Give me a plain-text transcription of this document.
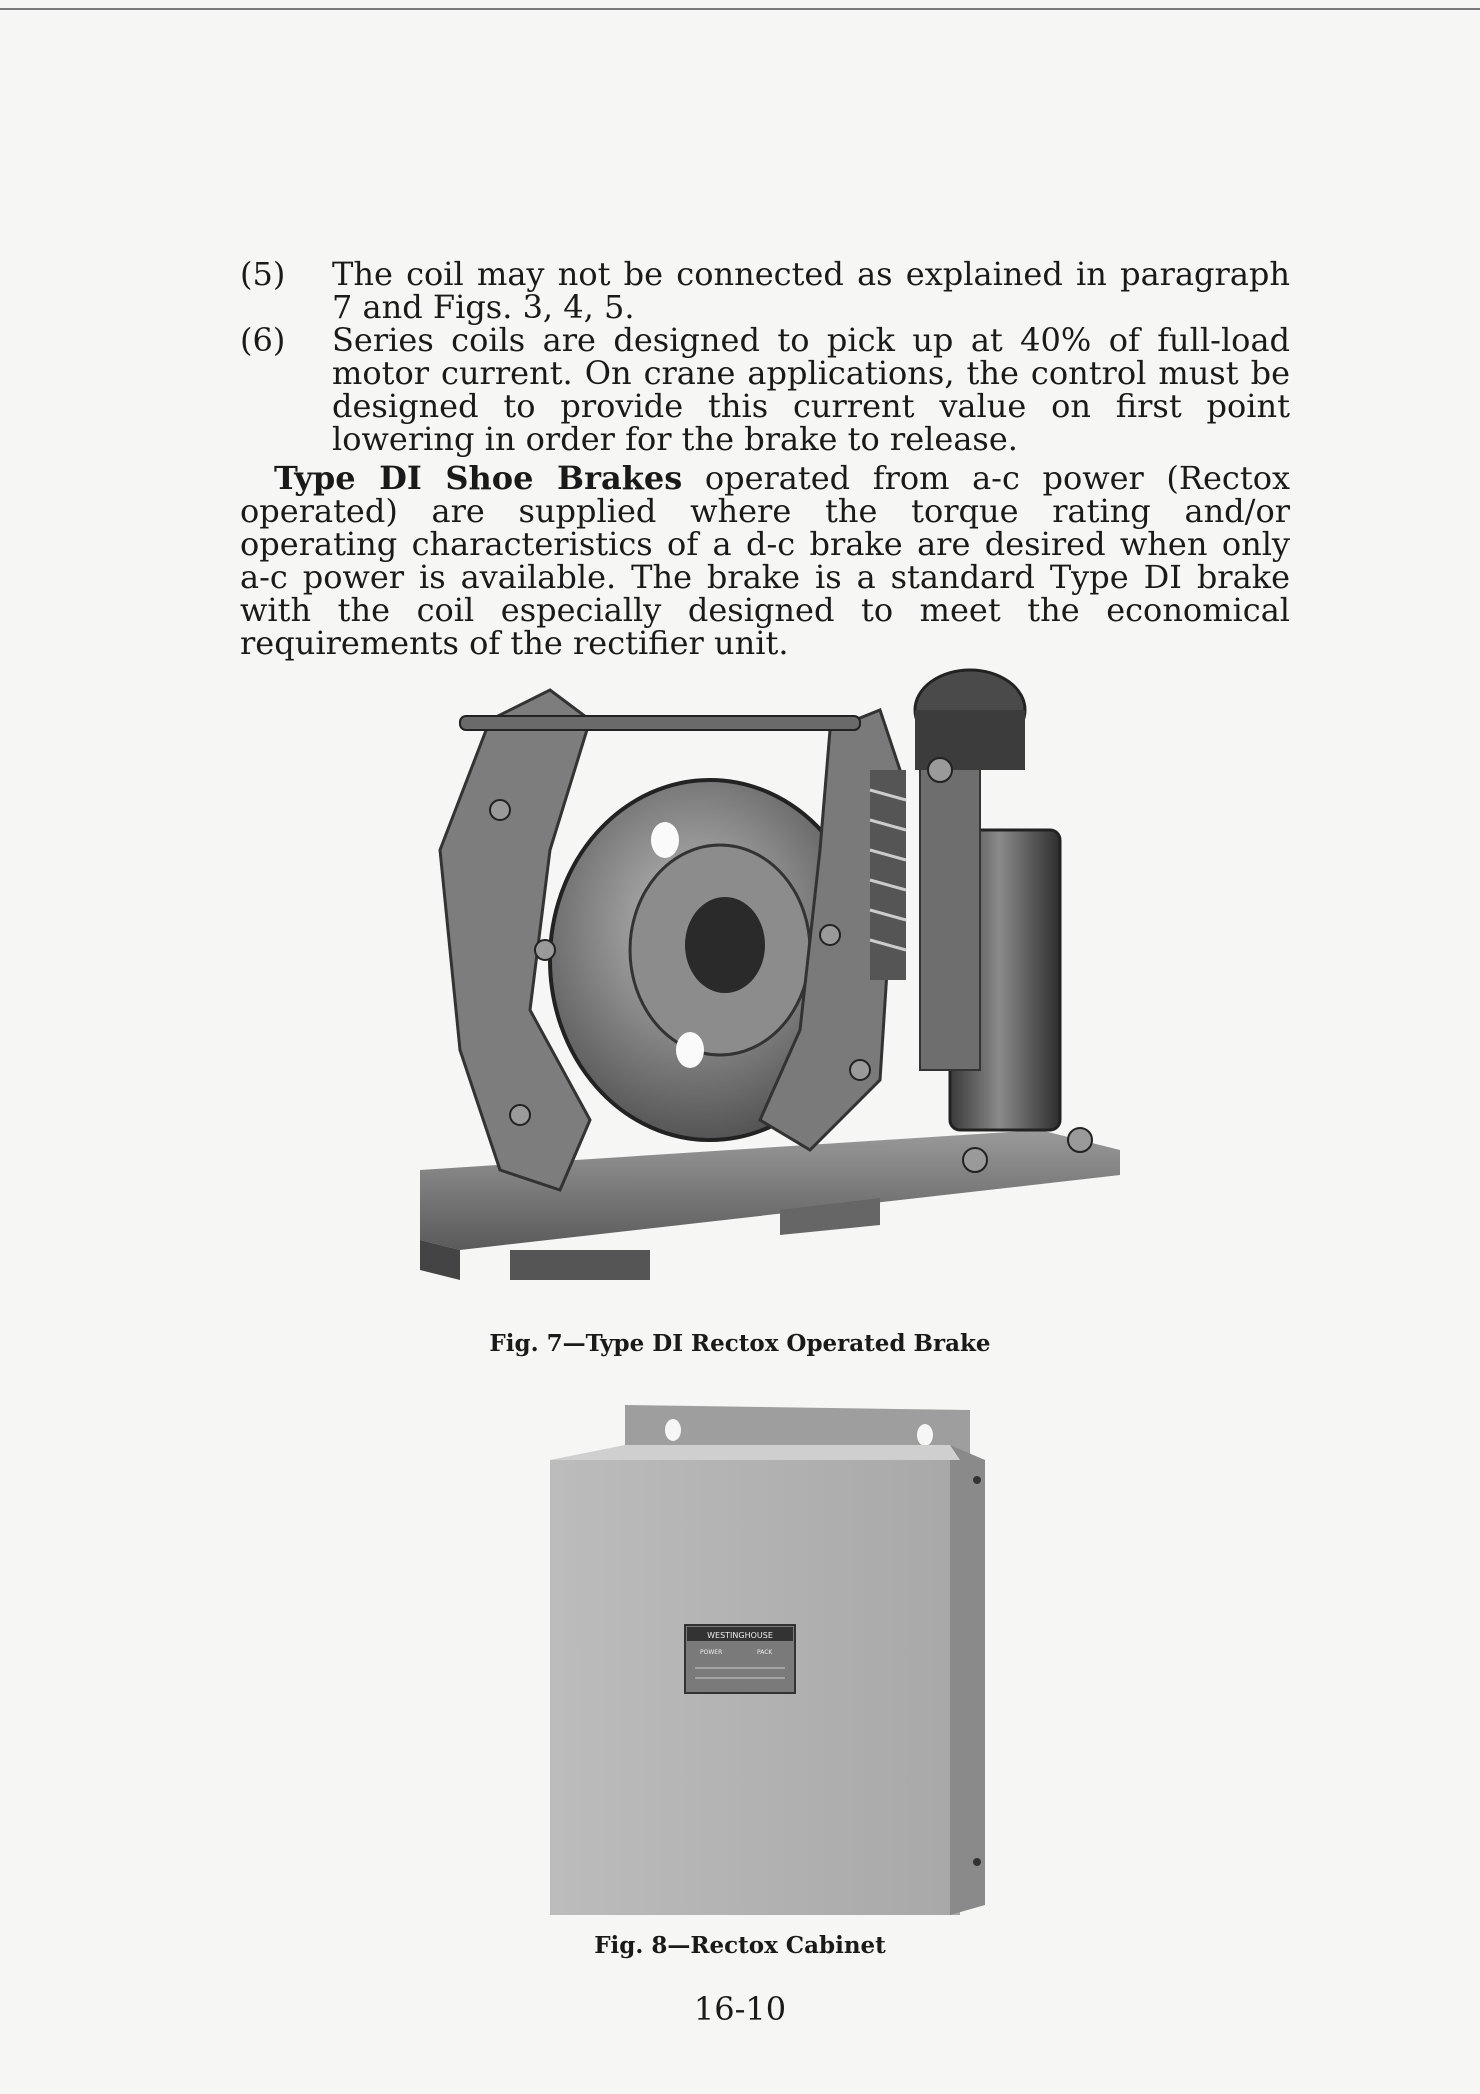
(5)	The coil may not be connected as explained in paragraph 7 and Figs. 3, 4, 5.
(6)	Series coils are designed to pick up at 40% of full-load motor current. On crane applications, the control must be designed to provide this current value on first point lowering in order for the brake to release.
Type DI Shoe Brakes operated from a-c power (Rectox operated) are supplied where the torque rating and/or operating characteristics of a d-c brake are desired when only a-c power is available. The brake is a standard Type DI brake with the coil especially designed to meet the economical requirements of the rectifier unit.
Fig. 7—Type DI Rectox Operated Brake
WESTINGHOUSE
POWER	PACK
Fig. 8—Rectox Cabinet
16-10
